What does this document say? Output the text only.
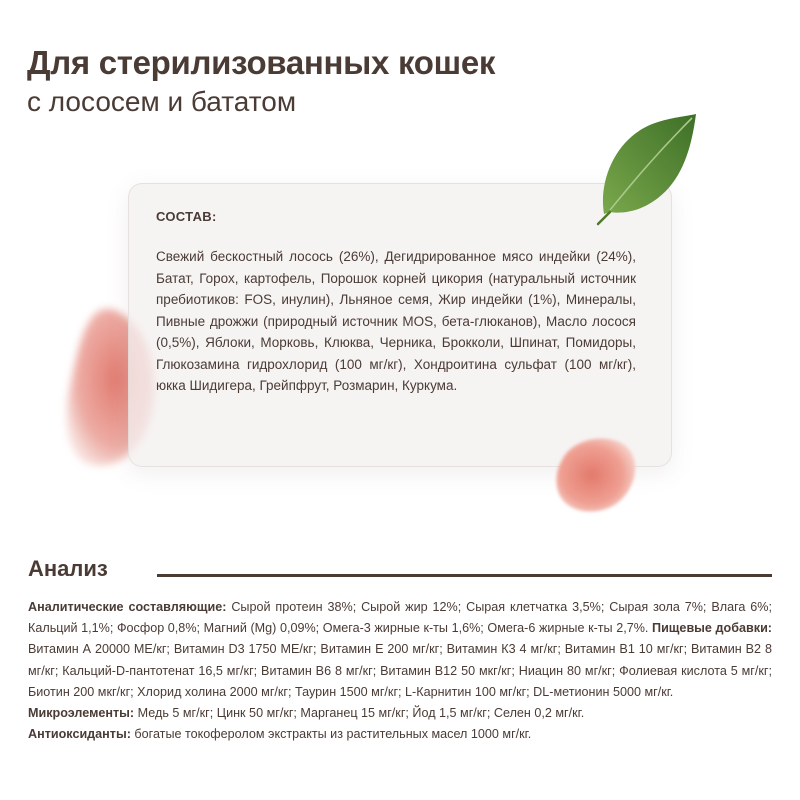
Для стерилизованных кошек
с лососем и бататом
СОСТАВ:

Свежий бескостный лосось (26%), Дегидрированное мясо индейки (24%), Батат, Горох, картофель, Порошок корней цикория (натуральный источник пребиотиков: FOS, инулин), Льняное семя, Жир индейки (1%), Минералы, Пивные дрожжи (природный источник MOS, бета-глюканов), Масло лосося (0,5%), Яблоки, Морковь, Клюква, Черника, Брокколи, Шпинат, Помидоры, Глюкозамина гидрохлорид (100 мг/кг), Хондроитина сульфат (100 мг/кг), юкка Шидигера, Грейпфрут, Розмарин, Куркума.

Анализ

Аналитические составляющие: Сырой протеин 38%; Сырой жир 12%; Сырая клетчатка 3,5%; Сырая зола 7%; Влага 6%; Кальций 1,1%; Фосфор 0,8%; Магний (Mg) 0,09%; Омега-3 жирные к-ты 1,6%; Омега-6 жирные к-ты 2,7%. Пищевые добавки: Витамин А 20000 МЕ/кг; Витамин D3 1750 МЕ/кг; Витамин Е 200 мг/кг; Витамин К3 4 мг/кг; Витамин В1 10 мг/кг; Витамин В2 8 мг/кг; Кальций-D-пантотенат 16,5 мг/кг; Витамин В6 8 мг/кг; Витамин В12 50 мкг/кг; Ниацин 80 мг/кг; Фолиевая кислота 5 мг/кг; Биотин 200 мкг/кг; Хлорид холина 2000 мг/кг; Таурин 1500 мг/кг; L-Карнитин 100 мг/кг; DL-метионин 5000 мг/кг.

Микроэлементы: Медь 5 мг/кг; Цинк 50 мг/кг; Марганец 15 мг/кг; Йод 1,5 мг/кг; Селен 0,2 мг/кг.

Антиоксиданты: богатые токоферолом экстракты из растительных масел 1000 мг/кг.
